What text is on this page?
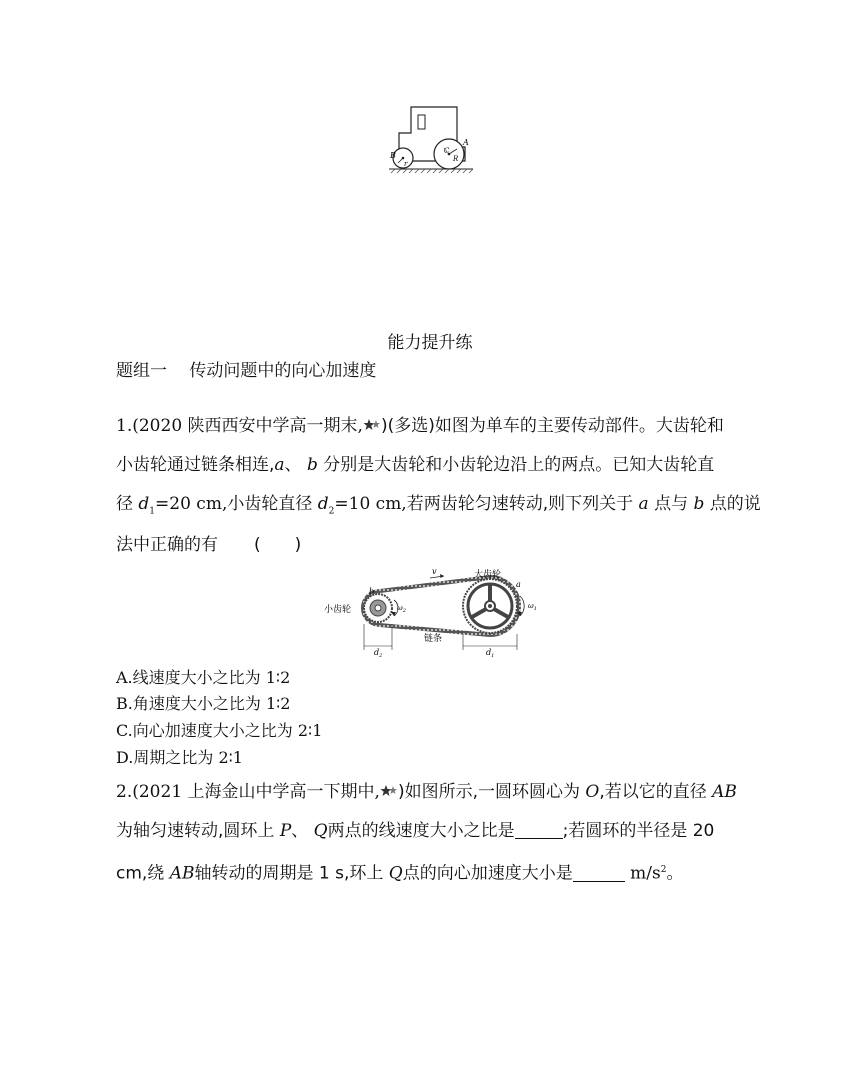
B
A
C
R
r
能力提升练
题组一　 传动问题中的向心加速度
1.(2020 陕西西安中学高一期末, )(多选)如图为单车的主要传动部件。大齿轮和
小齿轮通过链条相连,a、 b 分别是大齿轮和小齿轮边沿上的两点。已知大齿轮直
径 $d_1=20$ cm,小齿轮直径 $d_2=10$ cm,若两齿轮匀速转动,则下列关于 a 点与 b 点的说
法中正确的有 (　　)
大齿轮
小齿轮
链条
v
a
b
$\omega_1$
$\omega_2$
$d_2$	$d_1$
A.线速度大小之比为 1∶2
B.角速度大小之比为 1∶2
C.向心加速度大小之比为 2∶1
D.周期之比为 2∶1
2.(2021 上海金山中学高一下期中, )如图所示,一圆环圆心为 O,若以它的直径 AB
为轴匀速转动,圆环上 P、 Q两点的线速度大小之比是	;若圆环的半径是 20
cm,绕 AB轴转动的周期是 1 s,环上 Q点的向心加速度大小是	$m/s^2$。
